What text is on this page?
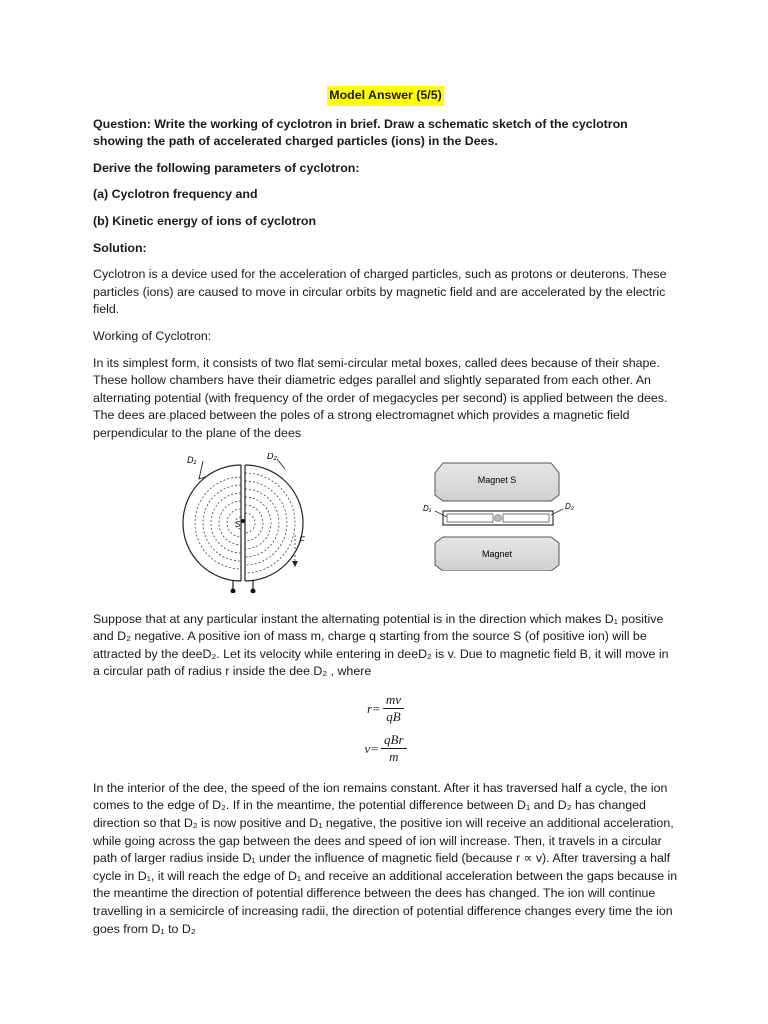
Model Answer (5/5)

Question: Write the working of cyclotron in brief. Draw a schematic sketch of the cyclotron showing the path of accelerated charged particles (ions) in the Dees.

Derive the following parameters of cyclotron:

(a) Cyclotron frequency and

(b) Kinetic energy of ions of cyclotron

Solution:

Cyclotron is a device used for the acceleration of charged particles, such as protons or deuterons. These particles (ions) are caused to move in circular orbits by magnetic field and are accelerated by the electric field.

Working of Cyclotron:

In its simplest form, it consists of two flat semi-circular metal boxes, called dees because of their shape. These hollow chambers have their diametric edges parallel and slightly separated from each other. An alternating potential (with frequency of the order of megacycles per second) is applied between the dees. The dees are placed between the poles of a strong electromagnet which provides a magnetic field perpendicular to the plane of the dees

D₁	D₂
S
F
Magnet S
Magnet
D₁	D₂

Suppose that at any particular instant the alternating potential is in the direction which makes D₁ positive and D₂ negative. A positive ion of mass m, charge q starting from the source S (of positive ion) will be attracted by the deeD₂. Let its velocity while entering in deeD₂ is v. Due to magnetic field B, it will move in a circular path of radius r inside the dee D₂ , where

$r= \frac{mv}{qB}$
$v= \frac{\text{qBr}}{m}$

In the interior of the dee, the speed of the ion remains constant. After it has traversed half a cycle, the ion comes to the edge of D₂. If in the meantime, the potential difference between D₁ and D₂ has changed direction so that D₂ is now positive and D₁ negative, the positive ion will receive an additional acceleration, while going across the gap between the dees and speed of ion will increase. Then, it travels in a circular path of larger radius inside D₁ under the influence of magnetic field (because r ∝ v). After traversing a half cycle in D₁, it will reach the edge of D₁ and receive an additional acceleration between the gaps because in the meantime the direction of potential difference between the dees has changed. The ion will continue travelling in a semicircle of increasing radii, the direction of potential difference changes every time the ion goes from D₁ to D₂
